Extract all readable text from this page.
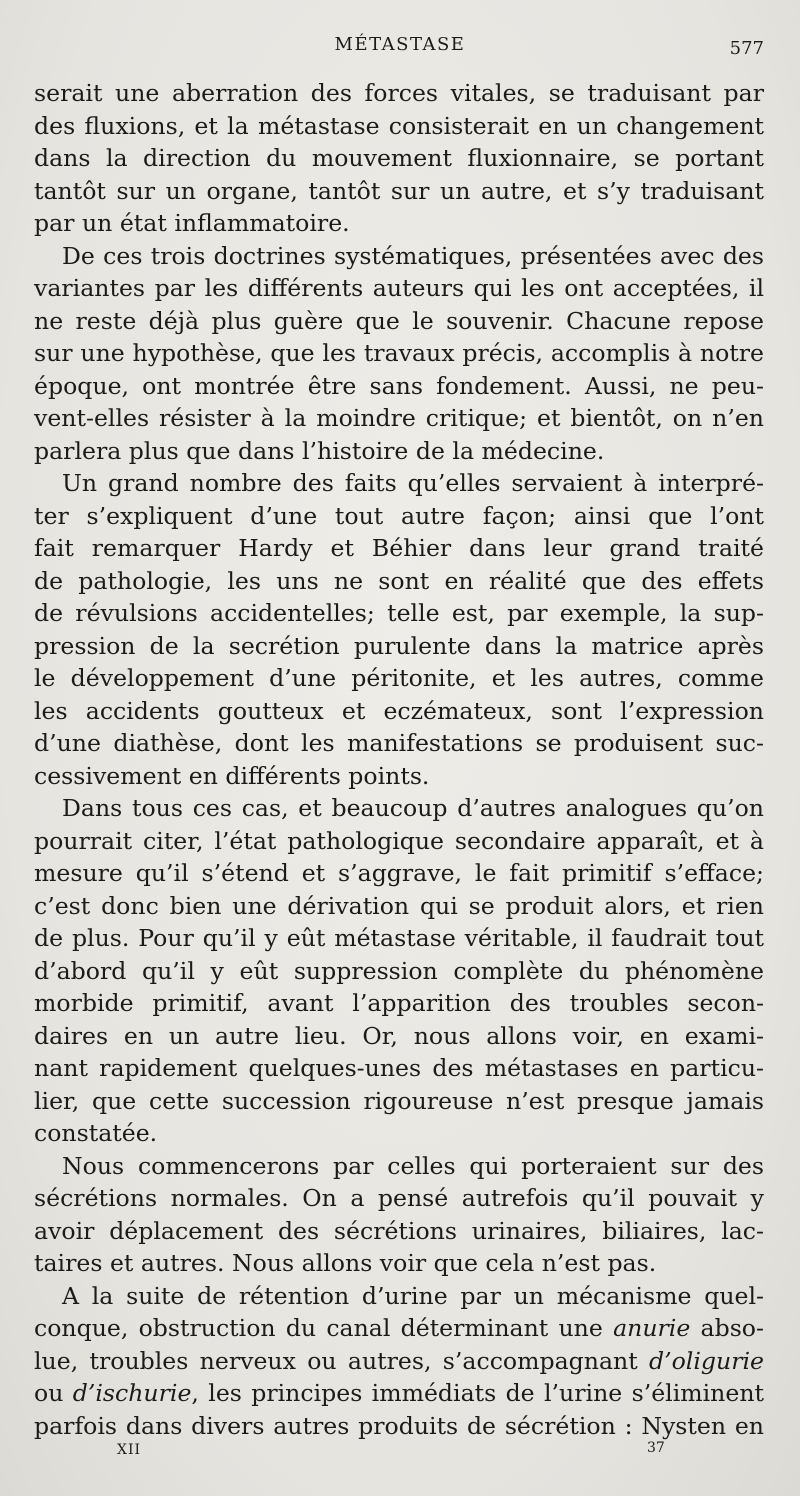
MÉTASTASE	577
serait une aberration des forces vitales, se traduisant par
des fluxions, et la métastase consisterait en un changement
dans la direction du mouvement fluxionnaire, se portant
tantôt sur un organe, tantôt sur un autre, et s’y traduisant
par un état inflammatoire.
De ces trois doctrines systématiques, présentées avec des
variantes par les différents auteurs qui les ont acceptées, il
ne reste déjà plus guère que le souvenir. Chacune repose
sur une hypothèse, que les travaux précis, accomplis à notre
époque, ont montrée être sans fondement. Aussi, ne peu-
vent-elles résister à la moindre critique; et bientôt, on n’en
parlera plus que dans l’histoire de la médecine.
Un grand nombre des faits qu’elles servaient à interpré-
ter s’expliquent d’une tout autre façon; ainsi que l’ont
fait remarquer Hardy et Béhier dans leur grand traité
de pathologie, les uns ne sont en réalité que des effets
de révulsions accidentelles; telle est, par exemple, la sup-
pression de la secrétion purulente dans la matrice après
le développement d’une péritonite, et les autres, comme
les accidents goutteux et eczémateux, sont l’expression
d’une diathèse, dont les manifestations se produisent suc-
cessivement en différents points.
Dans tous ces cas, et beaucoup d’autres analogues qu’on
pourrait citer, l’état pathologique secondaire apparaît, et à
mesure qu’il s’étend et s’aggrave, le fait primitif s’efface;
c’est donc bien une dérivation qui se produit alors, et rien
de plus. Pour qu’il y eût métastase véritable, il faudrait tout
d’abord qu’il y eût suppression complète du phénomène
morbide primitif, avant l’apparition des troubles secon-
daires en un autre lieu. Or, nous allons voir, en exami-
nant rapidement quelques-unes des métastases en particu-
lier, que cette succession rigoureuse n’est presque jamais
constatée.
Nous commencerons par celles qui porteraient sur des
sécrétions normales. On a pensé autrefois qu’il pouvait y
avoir déplacement des sécrétions urinaires, biliaires, lac-
taires et autres. Nous allons voir que cela n’est pas.
A la suite de rétention d’urine par un mécanisme quel-
conque, obstruction du canal déterminant une anurie abso-
lue, troubles nerveux ou autres, s’accompagnant d’oligurie
ou d’ischurie, les principes immédiats de l’urine s’éliminent
parfois dans divers autres produits de sécrétion : Nysten en
XII	37
